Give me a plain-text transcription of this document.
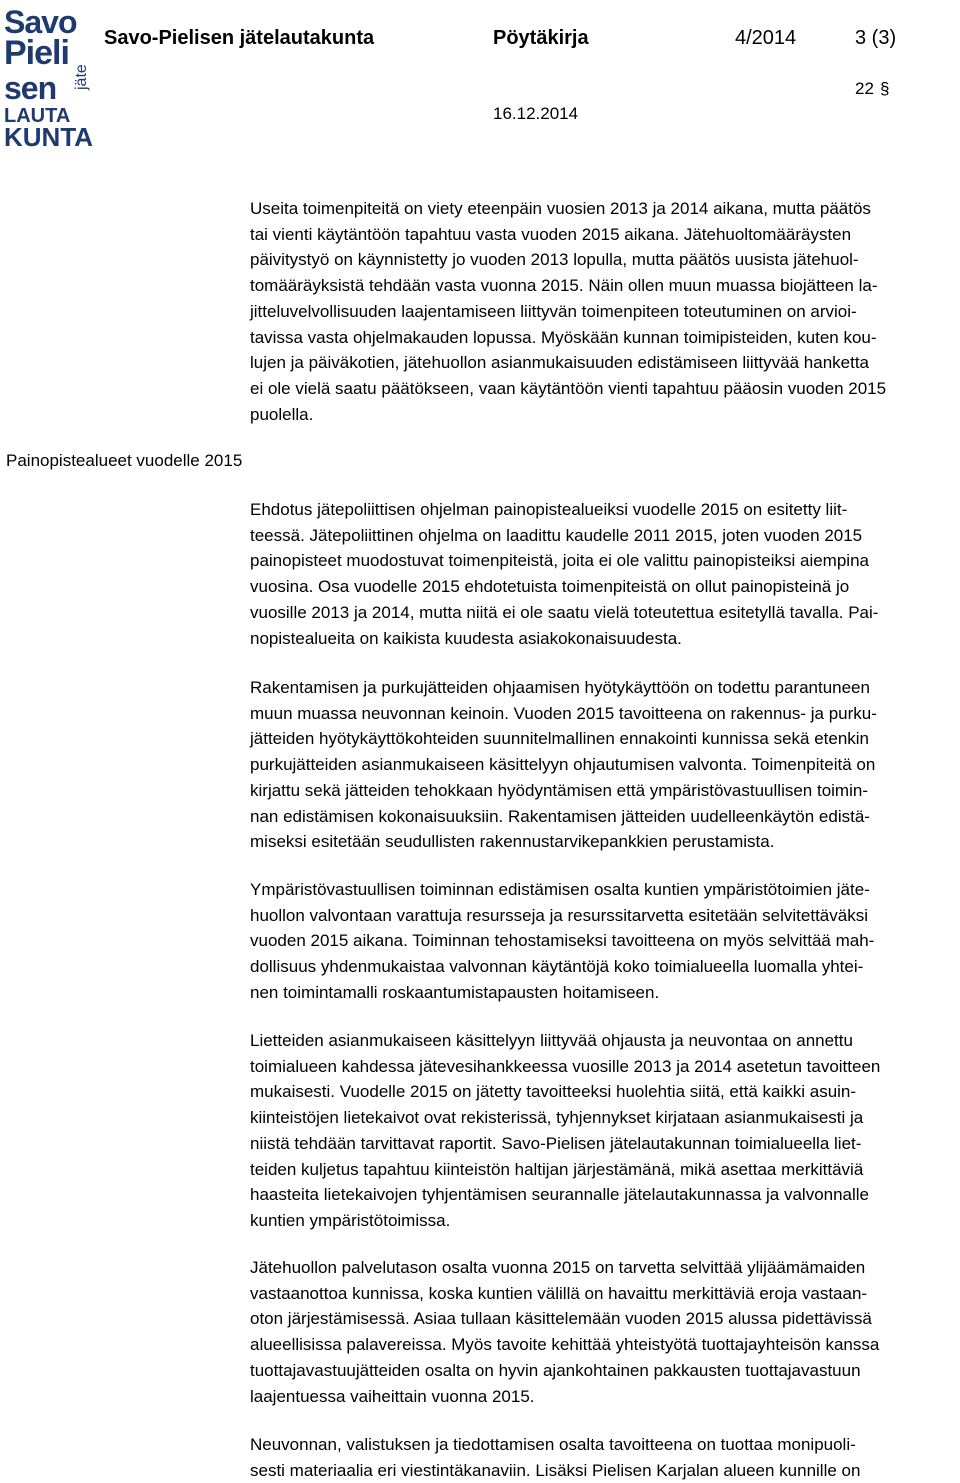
Savo
Pieli
sen jäte
LAUTA
KUNTA
Savo-Pielisen jätelautakunta	Pöytäkirja	4/2014	3 (3)
22 §
16.12.2014
Painopistealueet vuodelle 2015

Useita toimenpiteitä on viety eteenpäin vuosien 2013 ja 2014 aikana, mutta päätös

tai vienti käytäntöön tapahtuu vasta vuoden 2015 aikana. Jätehuoltomääräysten

päivitystyö on käynnistetty jo vuoden 2013 lopulla, mutta päätös uusista jätehuol-

tomääräyksistä tehdään vasta vuonna 2015. Näin ollen muun muassa biojätteen la-

jitteluvelvollisuuden laajentamiseen liittyvän toimenpiteen toteutuminen on arvioi-

tavissa vasta ohjelmakauden lopussa. Myöskään kunnan toimipisteiden, kuten kou-

lujen ja päiväkotien, jätehuollon asianmukaisuuden edistämiseen liittyvää hanketta

ei ole vielä saatu päätökseen, vaan käytäntöön vienti tapahtuu pääosin vuoden 2015

puolella.

Ehdotus jätepoliittisen ohjelman painopistealueiksi vuodelle 2015 on esitetty liit-

teessä. Jätepoliittinen ohjelma on laadittu kaudelle 2011 2015, joten vuoden 2015

painopisteet muodostuvat toimenpiteistä, joita ei ole valittu painopisteiksi aiempina

vuosina. Osa vuodelle 2015 ehdotetuista toimenpiteistä on ollut painopisteinä jo

vuosille 2013 ja 2014, mutta niitä ei ole saatu vielä toteutettua esitetyllä tavalla. Pai-

nopistealueita on kaikista kuudesta asiakokonaisuudesta.

Rakentamisen ja purkujätteiden ohjaamisen hyötykäyttöön on todettu parantuneen

muun muassa neuvonnan keinoin. Vuoden 2015 tavoitteena on rakennus- ja purku-

jätteiden hyötykäyttökohteiden suunnitelmallinen ennakointi kunnissa sekä etenkin

purkujätteiden asianmukaiseen käsittelyyn ohjautumisen valvonta. Toimenpiteitä on

kirjattu sekä jätteiden tehokkaan hyödyntämisen että ympäristövastuullisen toimin-

nan edistämisen kokonaisuuksiin. Rakentamisen jätteiden uudelleenkäytön edistä-

miseksi esitetään seudullisten rakennustarvikepankkien perustamista.

Ympäristövastuullisen toiminnan edistämisen osalta kuntien ympäristötoimien jäte-

huollon valvontaan varattuja resursseja ja resurssitarvetta esitetään selvitettäväksi

vuoden 2015 aikana. Toiminnan tehostamiseksi tavoitteena on myös selvittää mah-

dollisuus yhdenmukaistaa valvonnan käytäntöjä koko toimialueella luomalla yhtei-

nen toimintamalli roskaantumistapausten hoitamiseen.

Lietteiden asianmukaiseen käsittelyyn liittyvää ohjausta ja neuvontaa on annettu

toimialueen kahdessa jätevesihankkeessa vuosille 2013 ja 2014 asetetun tavoitteen

mukaisesti. Vuodelle 2015 on jätetty tavoitteeksi huolehtia siitä, että kaikki asuin-

kiinteistöjen lietekaivot ovat rekisterissä, tyhjennykset kirjataan asianmukaisesti ja

niistä tehdään tarvittavat raportit. Savo-Pielisen jätelautakunnan toimialueella liet-

teiden kuljetus tapahtuu kiinteistön haltijan järjestämänä, mikä asettaa merkittäviä

haasteita lietekaivojen tyhjentämisen seurannalle jätelautakunnassa ja valvonnalle

kuntien ympäristötoimissa.

Jätehuollon palvelutason osalta vuonna 2015 on tarvetta selvittää ylijäämämaiden

vastaanottoa kunnissa, koska kuntien välillä on havaittu merkittäviä eroja vastaan-

oton järjestämisessä. Asiaa tullaan käsittelemään vuoden 2015 alussa pidettävissä

alueellisissa palavereissa. Myös tavoite kehittää yhteistyötä tuottajayhteisön kanssa

tuottajavastuujätteiden osalta on hyvin ajankohtainen pakkausten tuottajavastuun

laajentuessa vaiheittain vuonna 2015.

Neuvonnan, valistuksen ja tiedottamisen osalta tavoitteena on tuottaa monipuoli-

sesti materiaalia eri viestintäkanaviin. Lisäksi Pielisen Karjalan alueen kunnille on
